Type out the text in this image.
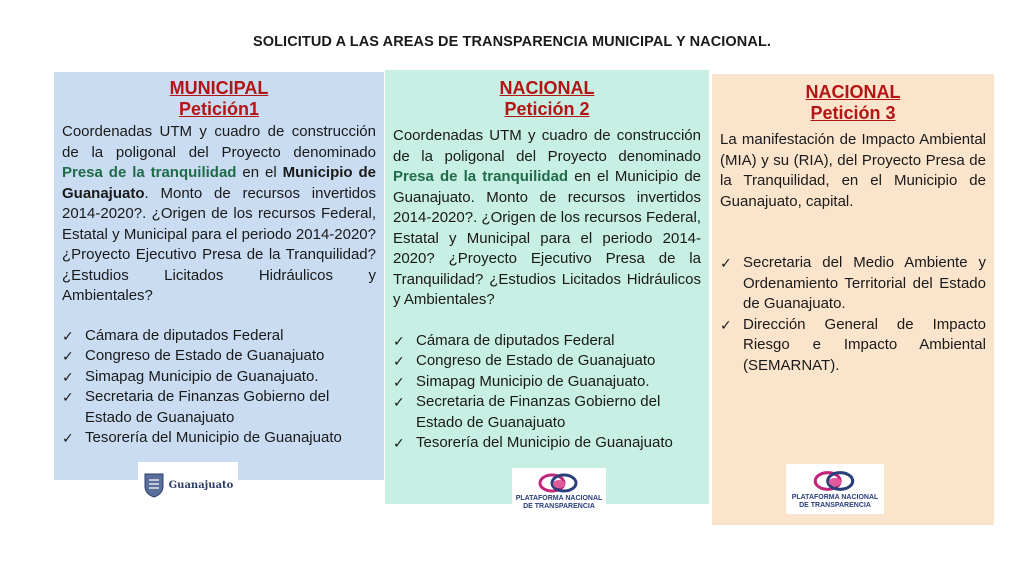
SOLICITUD A LAS AREAS DE TRANSPARENCIA MUNICIPAL Y NACIONAL.
MUNICIPAL
Petición1
Coordenadas UTM y cuadro de construcción de la poligonal del Proyecto denominado Presa de la tranquilidad en el Municipio de Guanajuato. Monto de recursos invertidos 2014-2020?. ¿Origen de los recursos Federal, Estatal y Municipal para el periodo 2014-2020? ¿Proyecto Ejecutivo Presa de la Tranquilidad? ¿Estudios Licitados Hidráulicos y Ambientales?
✓ Cámara de diputados Federal
✓ Congreso de Estado de Guanajuato
✓ Simapag Municipio de Guanajuato.
✓ Secretaria de Finanzas Gobierno del Estado de Guanajuato
✓ Tesorería del Municipio de Guanajuato
NACIONAL
Petición 2
Coordenadas UTM y cuadro de construcción de la poligonal del Proyecto denominado Presa de la tranquilidad en el Municipio de Guanajuato. Monto de recursos invertidos 2014-2020?. ¿Origen de los recursos Federal, Estatal y Municipal para el periodo 2014-2020? ¿Proyecto Ejecutivo Presa de la Tranquilidad? ¿Estudios Licitados Hidráulicos y Ambientales?
✓ Cámara de diputados Federal
✓ Congreso de Estado de Guanajuato
✓ Simapag Municipio de Guanajuato.
✓ Secretaria de Finanzas Gobierno del Estado de Guanajuato
✓ Tesorería del Municipio de Guanajuato
NACIONAL
Petición 3
La manifestación de Impacto Ambiental (MIA) y su (RIA), del Proyecto Presa de la Tranquilidad, en el Municipio de Guanajuato, capital.
✓ Secretaria del Medio Ambiente y Ordenamiento Territorial del Estado de Guanajuato.
✓ Dirección General de Impacto Riesgo e Impacto Ambiental (SEMARNAT).
Guanajuato
PLATAFORMA NACIONAL DE TRANSPARENCIA
PLATAFORMA NACIONAL DE TRANSPARENCIA
